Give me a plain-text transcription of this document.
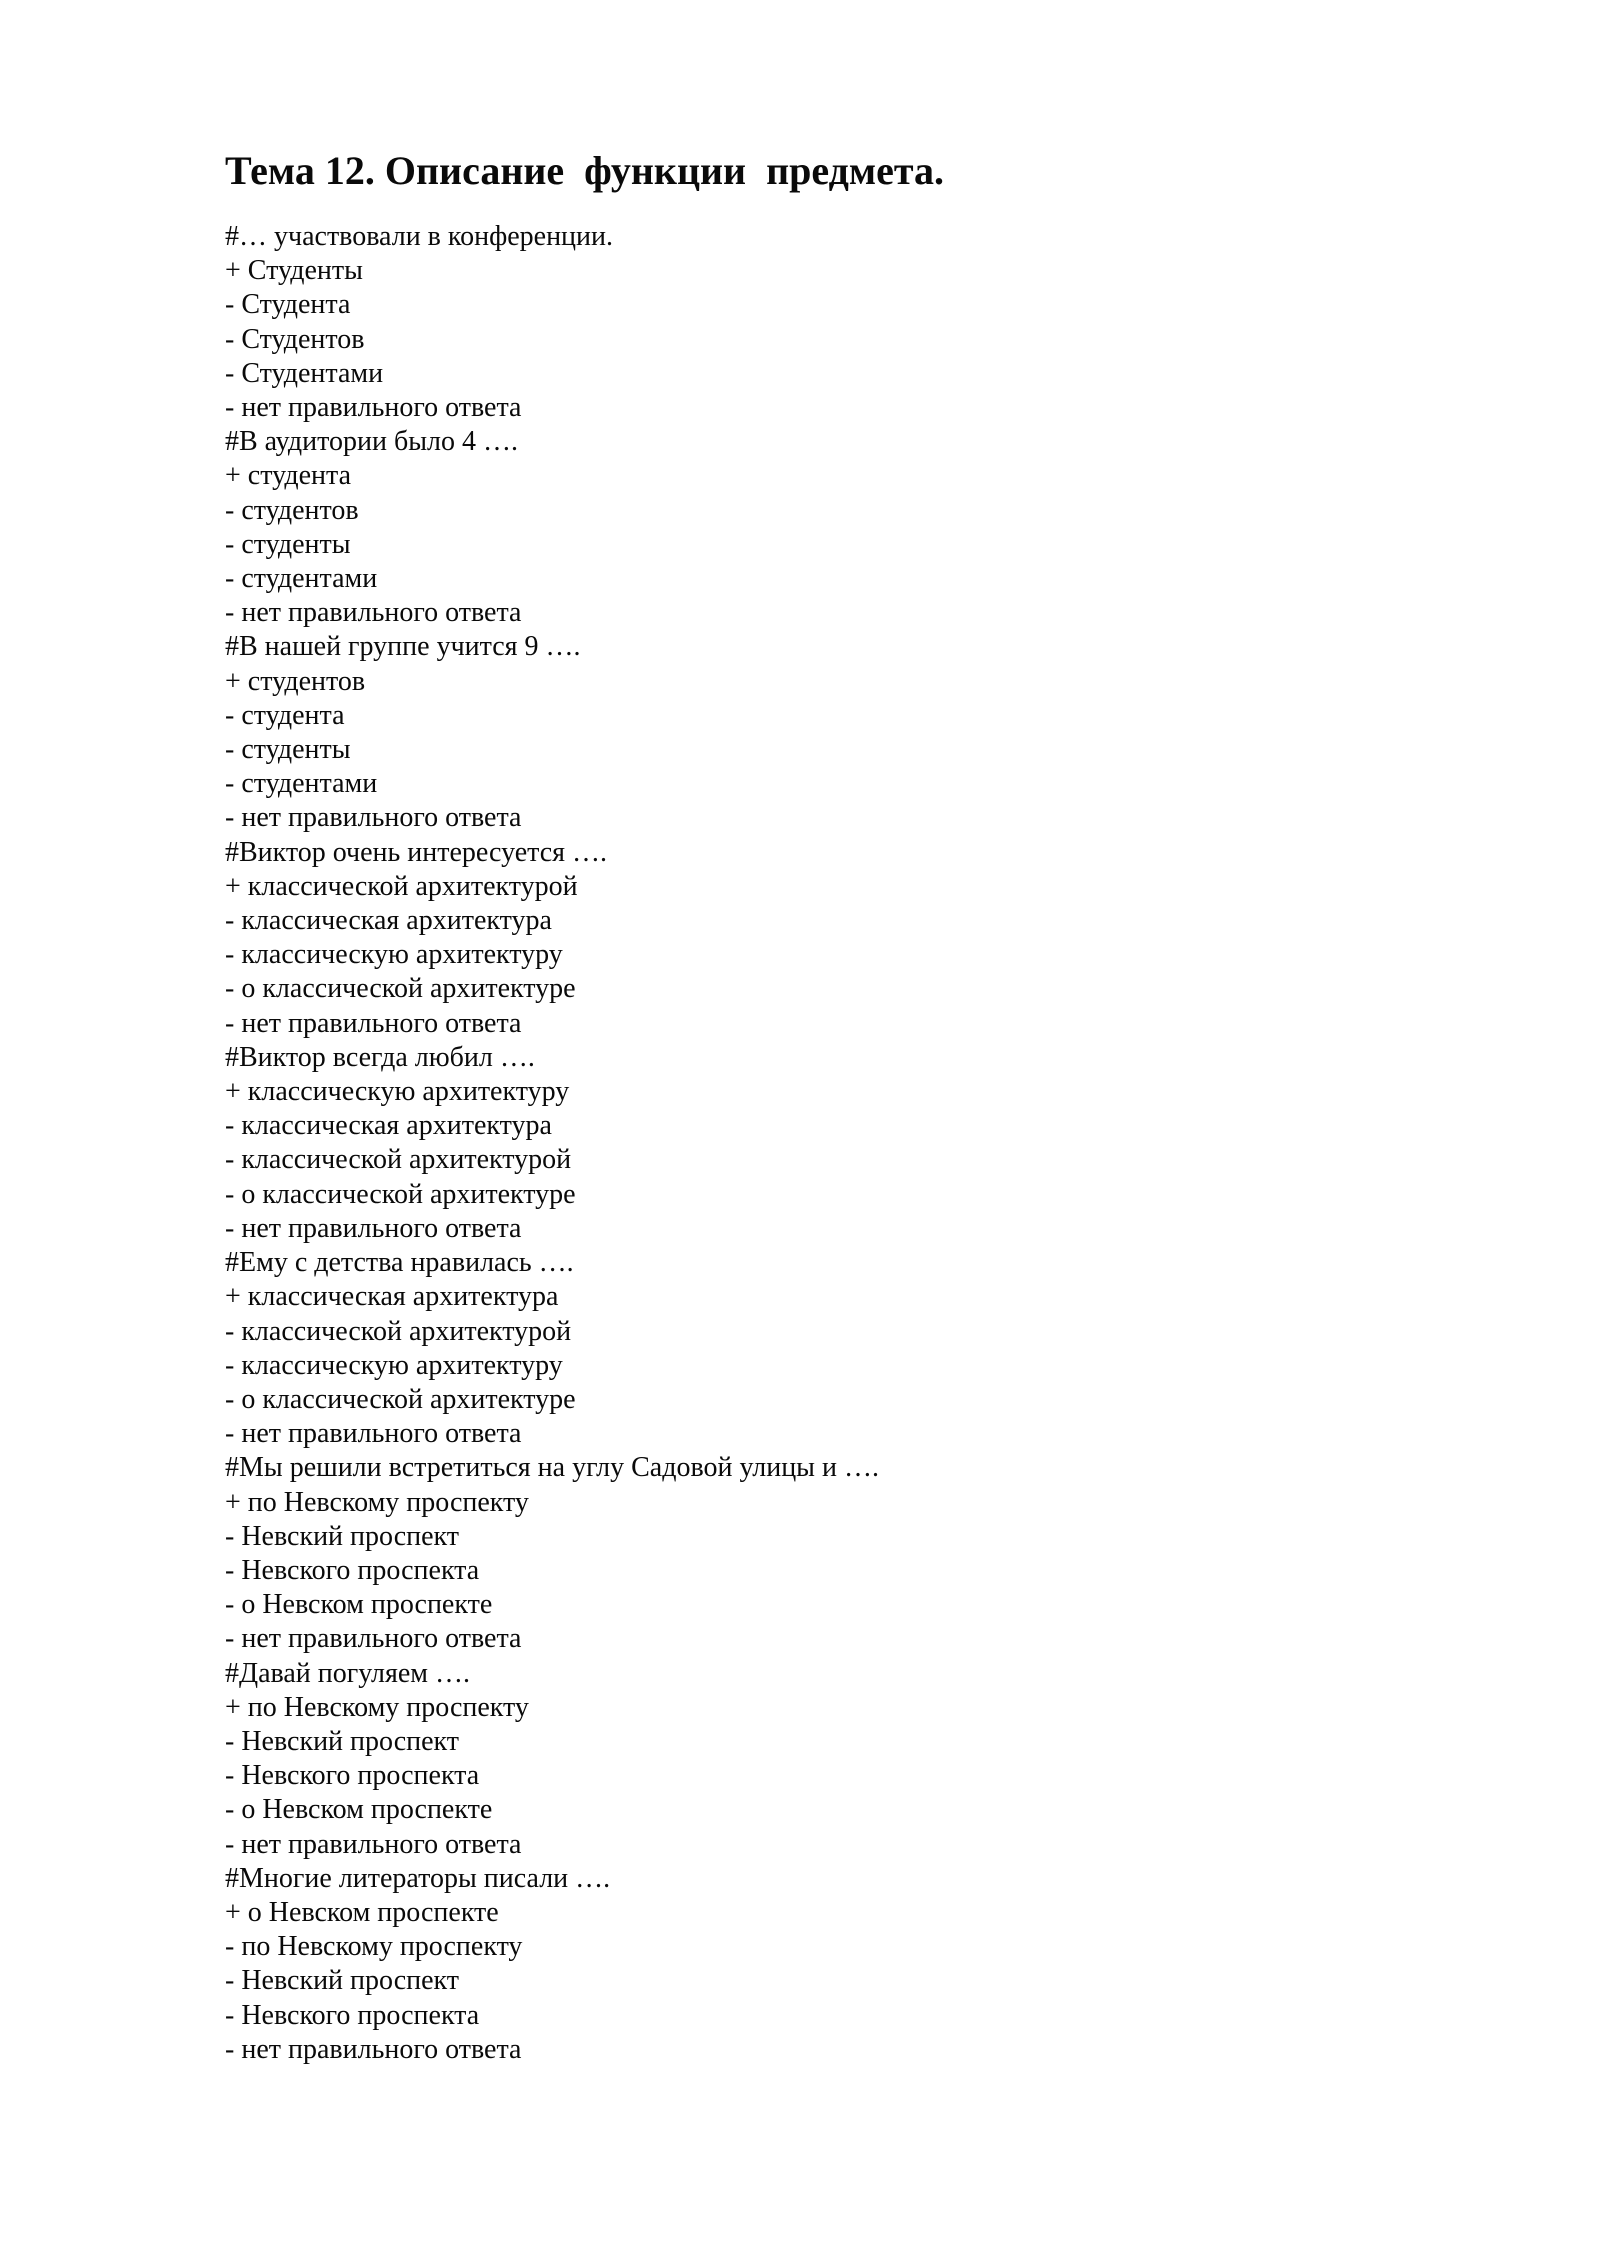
Тема 12. Описание  функции  предмета.
#… участвовали в конференции.
+ Студенты
- Студента
- Студентов
- Студентами
- нет правильного ответа
#В аудитории было 4 ….
+ студента
- студентов
- студенты
- студентами
- нет правильного ответа
#В нашей группе учится 9 ….
+ студентов
- студента
- студенты
- студентами
- нет правильного ответа
#Виктор очень интересуется ….
+ классической архитектурой
- классическая архитектура
- классическую архитектуру
- о классической архитектуре
- нет правильного ответа
#Виктор всегда любил ….
+ классическую архитектуру
- классическая архитектура
- классической архитектурой
- о классической архитектуре
- нет правильного ответа
#Ему с детства нравилась ….
+ классическая архитектура
- классической архитектурой
- классическую архитектуру
- о классической архитектуре
- нет правильного ответа
#Мы решили встретиться на углу Садовой улицы и ….
+ по Невскому проспекту
- Невский проспект
- Невского проспекта
- о Невском проспекте
- нет правильного ответа
#Давай погуляем ….
+ по Невскому проспекту
- Невский проспект
- Невского проспекта
- о Невском проспекте
- нет правильного ответа
#Многие литераторы писали ….
+ о Невском проспекте
- по Невскому проспекту
- Невский проспект
- Невского проспекта
- нет правильного ответа
